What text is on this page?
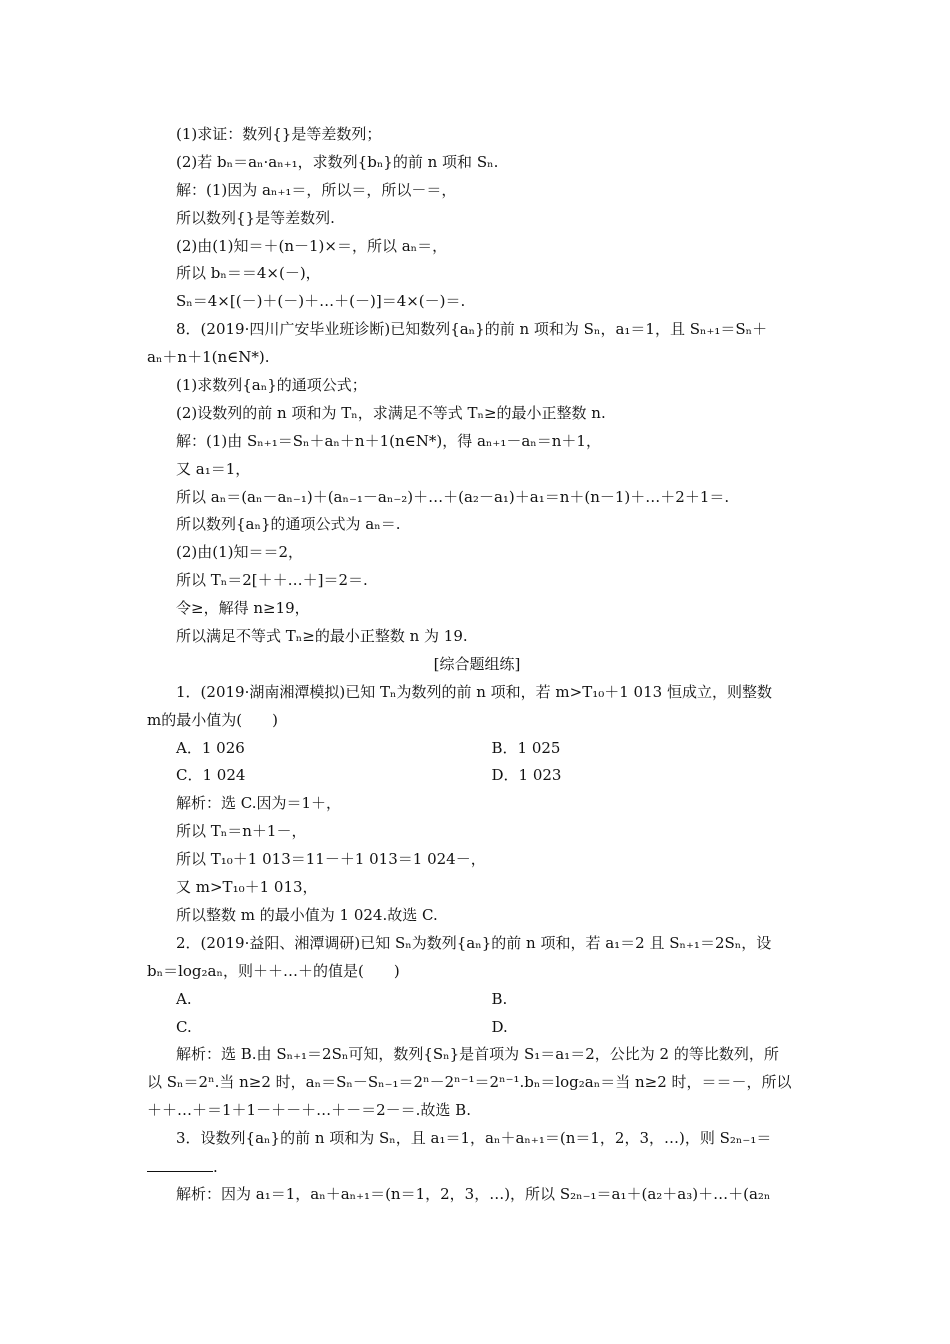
(1)求证：数列{}是等差数列；
(2)若 bₙ＝aₙ·aₙ₊₁，求数列{bₙ}的前 n 项和 Sₙ.
解：(1)因为 aₙ₊₁＝，所以＝，所以－＝，
所以数列{}是等差数列.
(2)由(1)知＝＋(n－1)×＝，所以 aₙ＝，
所以 bₙ＝＝4×(－)，
Sₙ＝4×[(－)＋(－)＋…＋(－)]＝4×(－)＝.
8．(2019·四川广安毕业班诊断)已知数列{aₙ}的前 n 项和为 Sₙ，a₁＝1，且 Sₙ₊₁＝Sₙ＋
aₙ＋n＋1(n∈N*).
(1)求数列{aₙ}的通项公式；
(2)设数列的前 n 项和为 Tₙ，求满足不等式 Tₙ≥的最小正整数 n.
解：(1)由 Sₙ₊₁＝Sₙ＋aₙ＋n＋1(n∈N*)，得 aₙ₊₁－aₙ＝n＋1，
又 a₁＝1，
所以 aₙ＝(aₙ－aₙ₋₁)＋(aₙ₋₁－aₙ₋₂)＋…＋(a₂－a₁)＋a₁＝n＋(n－1)＋…＋2＋1＝.
所以数列{aₙ}的通项公式为 aₙ＝.
(2)由(1)知＝＝2，
所以 Tₙ＝2[＋＋…＋]＝2＝.
令≥，解得 n≥19，
所以满足不等式 Tₙ≥的最小正整数 n 为 19.
[综合题组练]
1．(2019·湖南湘潭模拟)已知 Tₙ为数列的前 n 项和，若 m>T₁₀＋1 013 恒成立，则整数
m的最小值为(　　)
A．1 026	B．1 025
C．1 024	D．1 023
解析：选 C.因为＝1＋，
所以 Tₙ＝n＋1－，
所以 T₁₀＋1 013＝11－＋1 013＝1 024－，
又 m>T₁₀＋1 013，
所以整数 m 的最小值为 1 024.故选 C.
2．(2019·益阳、湘潭调研)已知 Sₙ为数列{aₙ}的前 n 项和，若 a₁＝2 且 Sₙ₊₁＝2Sₙ，设
bₙ＝log₂aₙ，则＋＋…＋的值是(　　)
A.	B.
C.	D.
解析：选 B.由 Sₙ₊₁＝2Sₙ可知，数列{Sₙ}是首项为 S₁＝a₁＝2，公比为 2 的等比数列，所
以 Sₙ＝2ⁿ.当 n≥2 时，aₙ＝Sₙ－Sₙ₋₁＝2ⁿ－2ⁿ⁻¹＝2ⁿ⁻¹.bₙ＝log₂aₙ＝当 n≥2 时，＝＝－，所以
＋＋…＋＝1＋1－＋－＋…＋－＝2－＝.故选 B.
3．设数列{aₙ}的前 n 项和为 Sₙ，且 a₁＝1，aₙ＋aₙ₊₁＝(n＝1，2，3，…)，则 S₂ₙ₋₁＝
.
解析：因为 a₁＝1，aₙ＋aₙ₊₁＝(n＝1，2，3，…)，所以 S₂ₙ₋₁＝a₁＋(a₂＋a₃)＋…＋(a₂ₙ
